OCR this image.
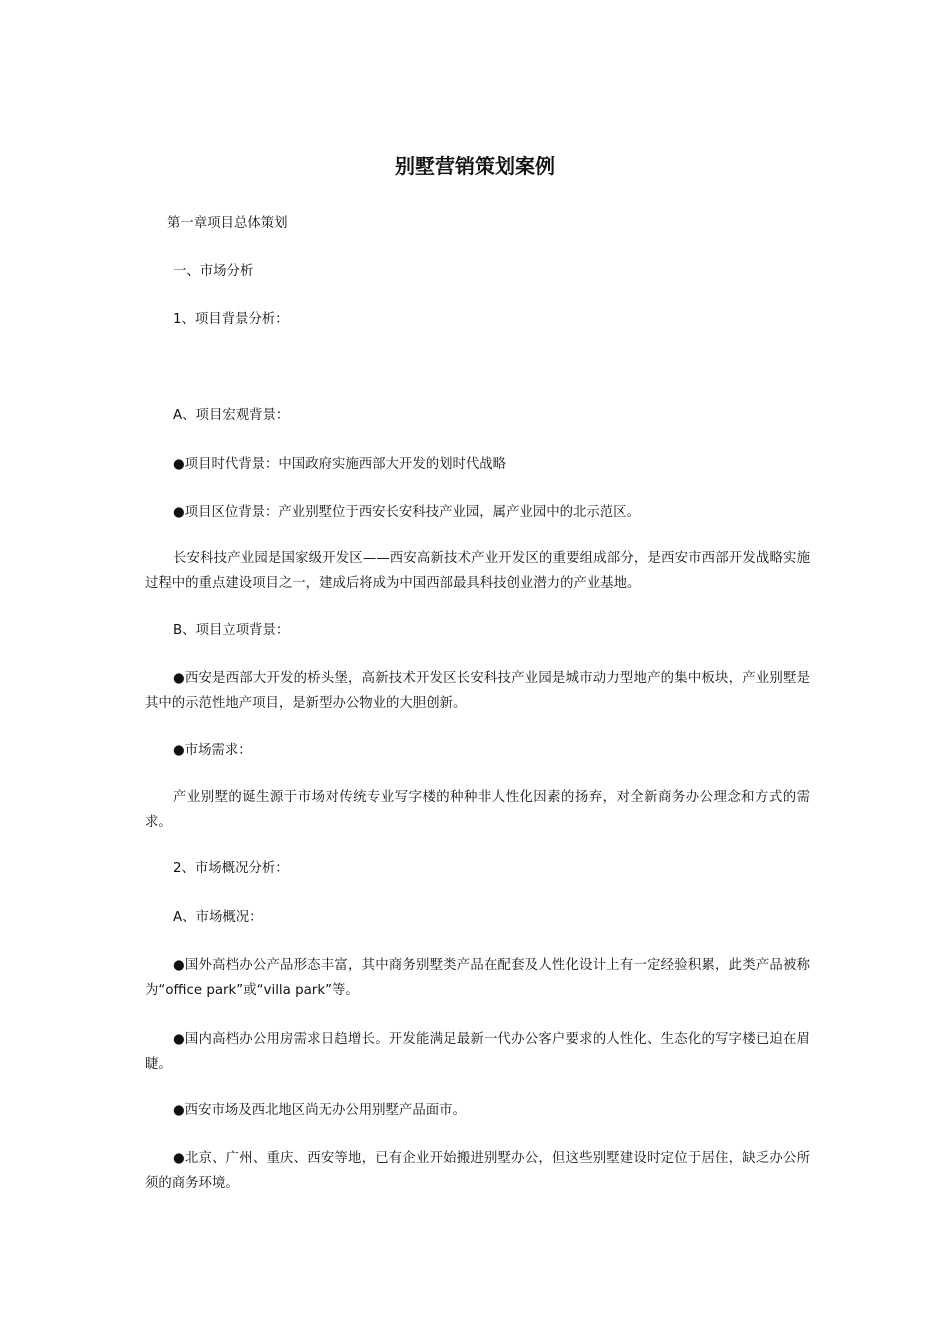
别墅营销策划案例
第一章项目总体策划
一、市场分析
1、项目背景分析：
A、项目宏观背景：
●项目时代背景：中国政府实施西部大开发的划时代战略
●项目区位背景：产业别墅位于西安长安科技产业园，属产业园中的北示范区。
长安科技产业园是国家级开发区——西安高新技术产业开发区的重要组成部分，是西安市西部开发战略实施过程中的重点建设项目之一，建成后将成为中国西部最具科技创业潜力的产业基地。
B、项目立项背景：
●西安是西部大开发的桥头堡，高新技术开发区长安科技产业园是城市动力型地产的集中板块，产业别墅是其中的示范性地产项目，是新型办公物业的大胆创新。
●市场需求：
产业别墅的诞生源于市场对传统专业写字楼的种种非人性化因素的扬弃，对全新商务办公理念和方式的需求。
2、市场概况分析：
A、市场概况：
●国外高档办公产品形态丰富，其中商务别墅类产品在配套及人性化设计上有一定经验积累，此类产品被称为“office park”或“villa park”等。
●国内高档办公用房需求日趋增长。开发能满足最新一代办公客户要求的人性化、生态化的写字楼已迫在眉睫。
●西安市场及西北地区尚无办公用别墅产品面市。
●北京、广州、重庆、西安等地，已有企业开始搬进别墅办公，但这些别墅建设时定位于居住，缺乏办公所须的商务环境。
